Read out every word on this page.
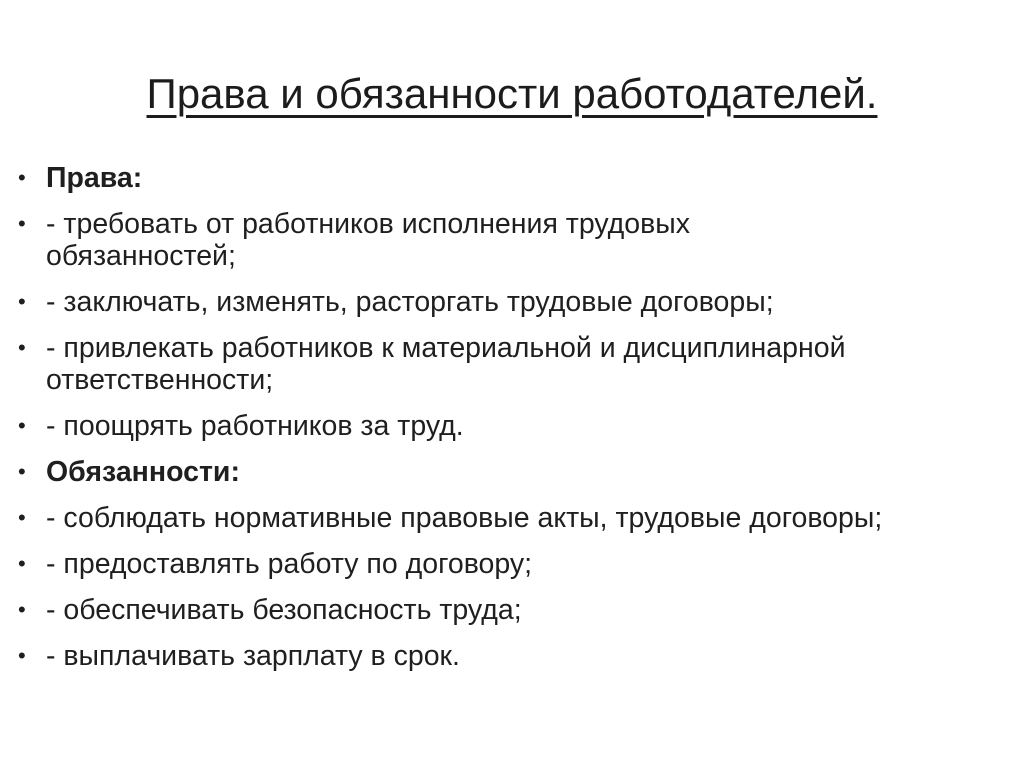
Права и обязанности работодателей.
• Права:
• - требовать от работников исполнения трудовых обязанностей;
• - заключать, изменять, расторгать трудовые договоры;
• - привлекать работников к материальной и дисциплинарной ответственности;
• - поощрять работников за труд.
• Обязанности:
• - соблюдать нормативные правовые акты, трудовые договоры;
• - предоставлять работу по договору;
• - обеспечивать безопасность труда;
• - выплачивать зарплату в срок.
